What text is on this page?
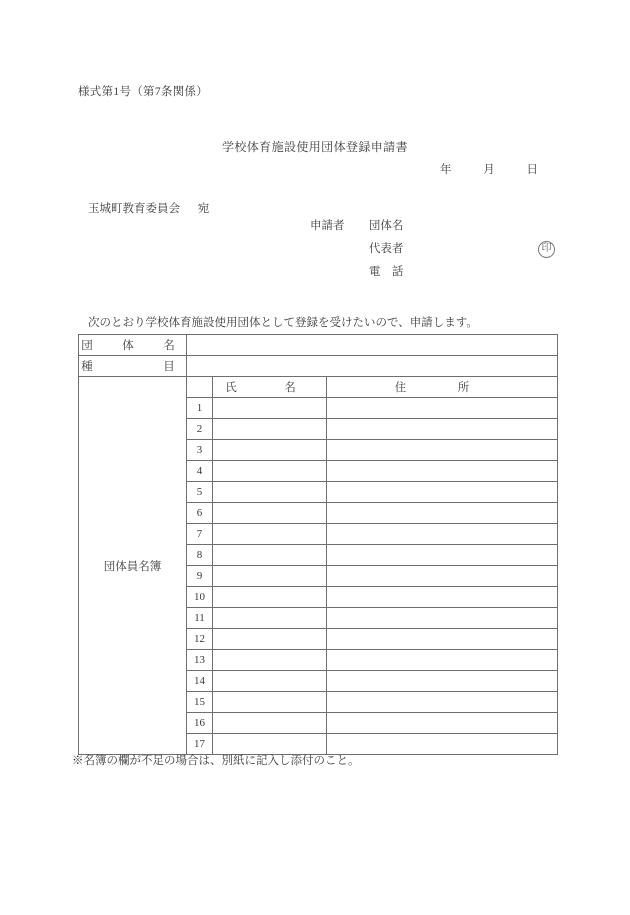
様式第1号（第7条関係）
学校体育施設使用団体登録申請書
年	月	日
玉城町教育委員会 宛
申請者 団体名
代表者	印
電　話
次のとおり学校体育施設使用団体として登録を受けたいので、申請します。
団　体　名			
種　　　目			
団体員名簿		氏　名	住　所
	1		
	2		
	3		
	4		
	5		
	6		
	7		
	8		
	9		
	10		
	11		
	12		
	13		
	14		
	15		
	16		
	17		
※名簿の欄が不足の場合は、別紙に記入し添付のこと。
